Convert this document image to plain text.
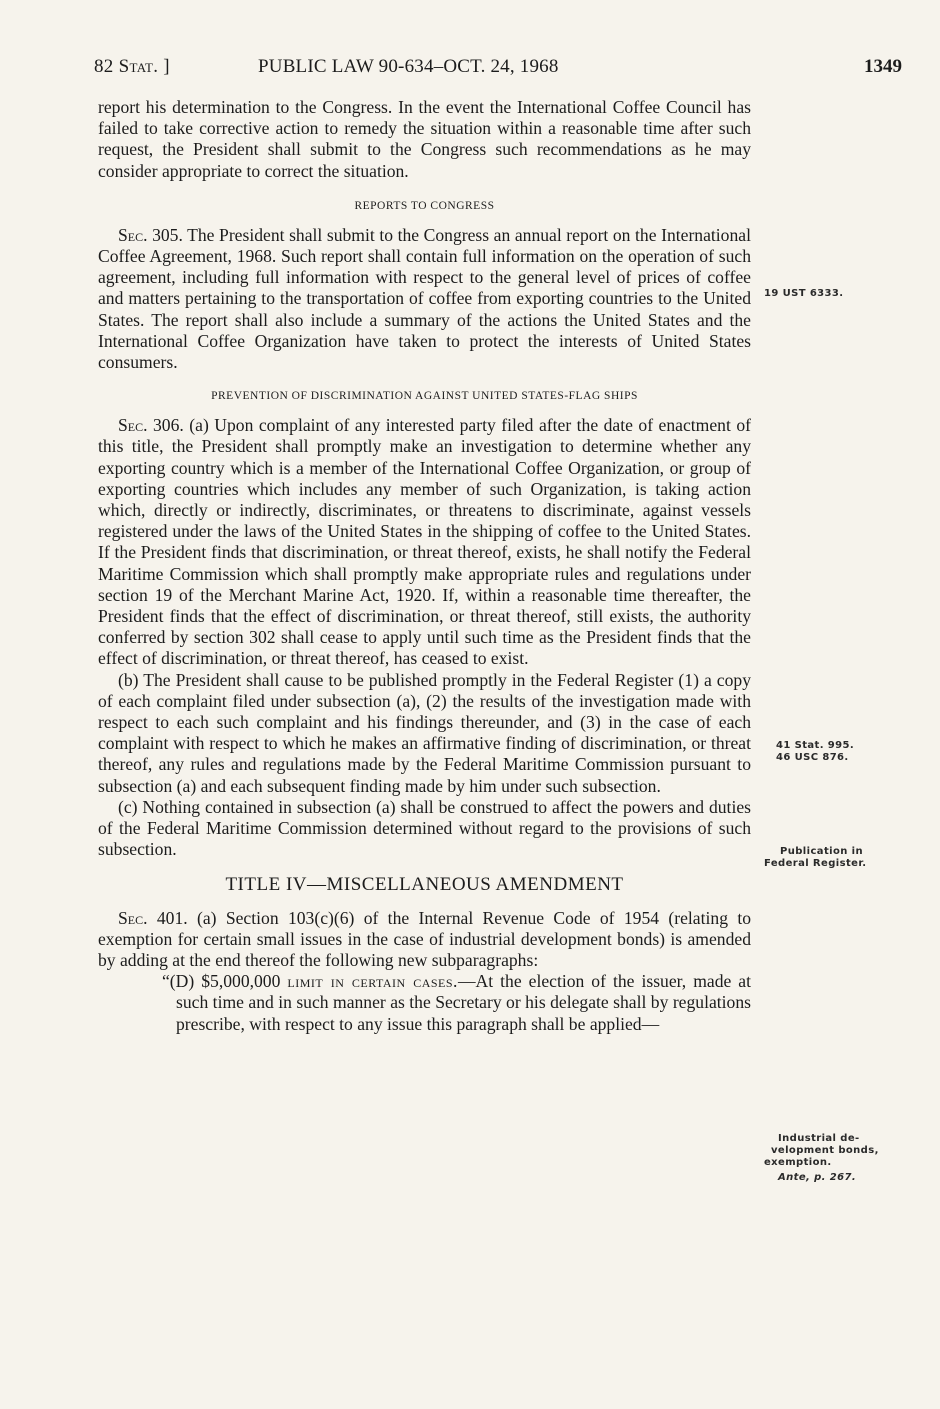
82 Stat. ]	PUBLIC LAW 90-634–OCT. 24, 1968	1349

report his determination to the Congress. In the event the International Coffee Council has failed to take corrective action to remedy the situation within a reasonable time after such request, the President shall submit to the Congress such recommendations as he may consider appropriate to correct the situation.

REPORTS TO CONGRESS

Sec. 305. The President shall submit to the Congress an annual report on the International Coffee Agreement, 1968. Such report shall contain full information on the operation of such agreement, including full information with respect to the general level of prices of coffee and matters pertaining to the transportation of coffee from exporting countries to the United States. The report shall also include a summary of the actions the United States and the International Coffee Organization have taken to protect the interests of United States consumers.

PREVENTION OF DISCRIMINATION AGAINST UNITED STATES-FLAG SHIPS

Sec. 306. (a) Upon complaint of any interested party filed after the date of enactment of this title, the President shall promptly make an investigation to determine whether any exporting country which is a member of the International Coffee Organization, or group of exporting countries which includes any member of such Organization, is taking action which, directly or indirectly, discriminates, or threatens to discriminate, against vessels registered under the laws of the United States in the shipping of coffee to the United States. If the President finds that discrimination, or threat thereof, exists, he shall notify the Federal Maritime Commission which shall promptly make appropriate rules and regulations under section 19 of the Merchant Marine Act, 1920. If, within a reasonable time thereafter, the President finds that the effect of discrimination, or threat thereof, still exists, the authority conferred by section 302 shall cease to apply until such time as the President finds that the effect of discrimination, or threat thereof, has ceased to exist.

(b) The President shall cause to be published promptly in the Federal Register (1) a copy of each complaint filed under subsection (a), (2) the results of the investigation made with respect to each such complaint and his findings thereunder, and (3) in the case of each complaint with respect to which he makes an affirmative finding of discrimination, or threat thereof, any rules and regulations made by the Federal Maritime Commission pursuant to subsection (a) and each subsequent finding made by him under such subsection.

(c) Nothing contained in subsection (a) shall be construed to affect the powers and duties of the Federal Maritime Commission determined without regard to the provisions of such subsection.

TITLE IV—MISCELLANEOUS AMENDMENT

Sec. 401. (a) Section 103(c)(6) of the Internal Revenue Code of 1954 (relating to exemption for certain small issues in the case of industrial development bonds) is amended by adding at the end thereof the following new subparagraphs:

“(D) $5,000,000 limit in certain cases.—At the election of the issuer, made at such time and in such manner as the Secretary or his delegate shall by regulations prescribe, with respect to any issue this paragraph shall be applied—

19 UST 6333.
41 Stat. 995.
46 USC 876.
Publication in
Federal Register.
Industrial de-
velopment bonds,
exemption.
Ante, p. 267.
